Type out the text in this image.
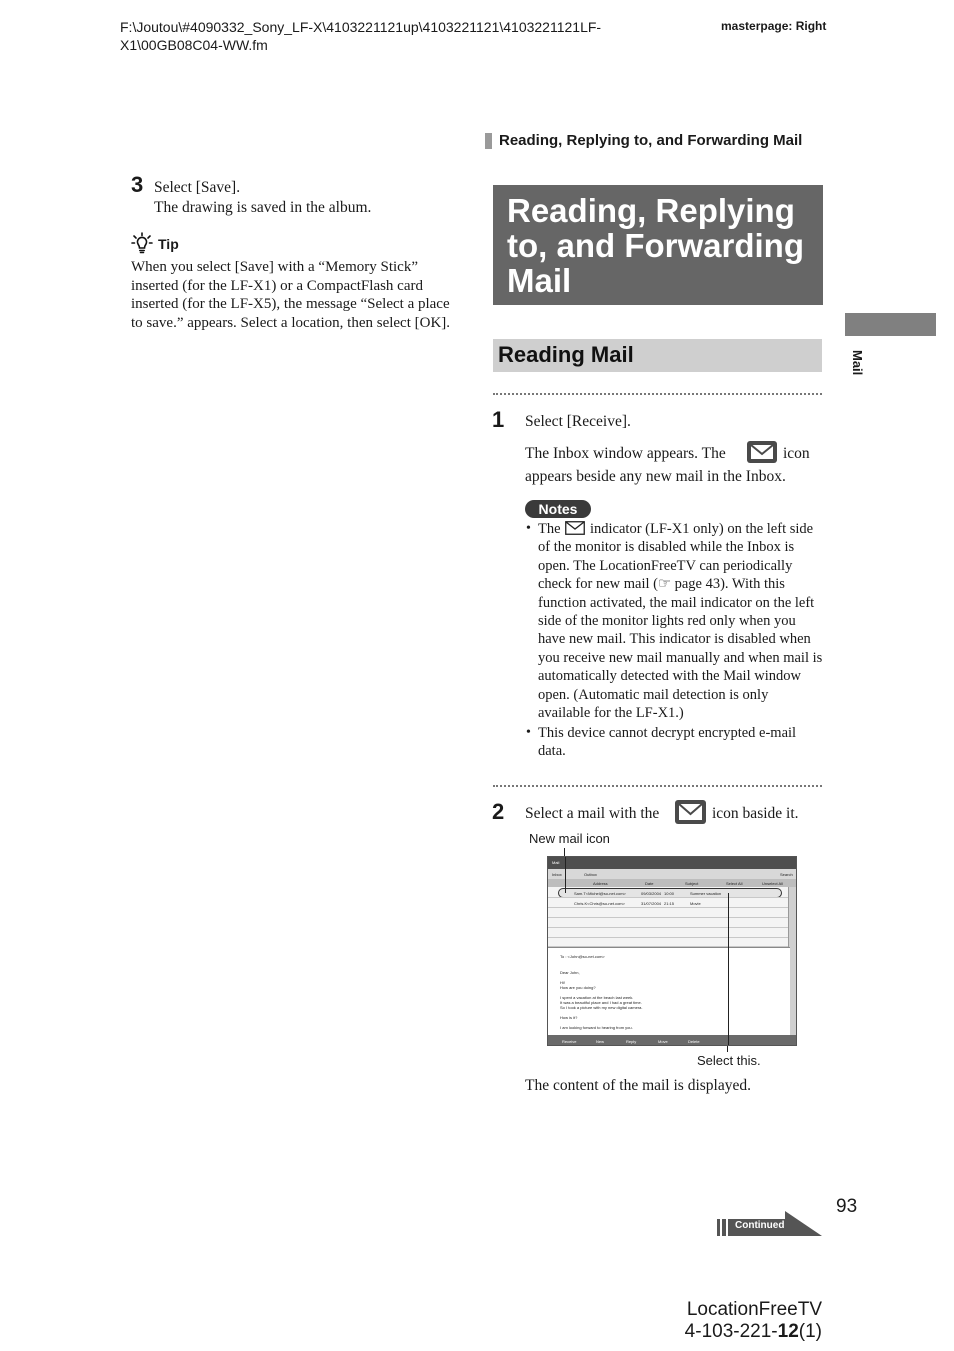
F:\Joutou\#4090332_Sony_LF-X\4103221121up\4103221121\4103221121LF-X1\00GB08C04-WW.fm
masterpage: Right
Reading, Replying to, and Forwarding Mail
3 Select [Save].
The drawing is saved in the album.
Tip
When you select [Save] with a “Memory Stick” inserted (for the LF-X1) or a CompactFlash card inserted (for the LF-X5), the message “Select a place to save.” appears. Select a location, then select [OK].
Reading, Replying to, and Forwarding Mail
Reading Mail	Mail
1 Select [Receive].
The Inbox window appears. The	icon
appears beside any new mail in the Inbox.
Notes
• The indicator (LF-X1 only) on the left side
of the monitor is disabled while the Inbox is open. The LocationFreeTV can periodically check for new mail (☞ page 43). With this function activated, the mail indicator on the left side of the monitor lights red only when you have new mail. This indicator is disabled when you receive new mail manually and when mail is automatically detected with the Mail window open. (Automatic mail detection is only available for the LF-X1.)
• This device cannot decrypt encrypted e-mail data.
2 Select a mail with the	icon baside it.
New mail icon
Mail
Inbox	Outbox	Search
Address	Date	Subject	Select All	Unselect All
Sam.T<Michel@so-net.com>	09/03/2004 10:00	Summer vacation
Chris.K<Chris@so-net.com>	31/07/2004 21:15	Movie
To : <John@so-net.com>
Dear John,
Hi!
How are you doing?
I spent a vacation at the beach last week.
It was a beautiful place and I had a great time.
So I took a picture with my new digital camera.
How is it?
I am looking forward to hearing from you.
Receive	New	Reply	Move	Delete
Select this.
The content of the mail is displayed.
93
Continued
LocationFreeTV
4-103-221-12(1)
